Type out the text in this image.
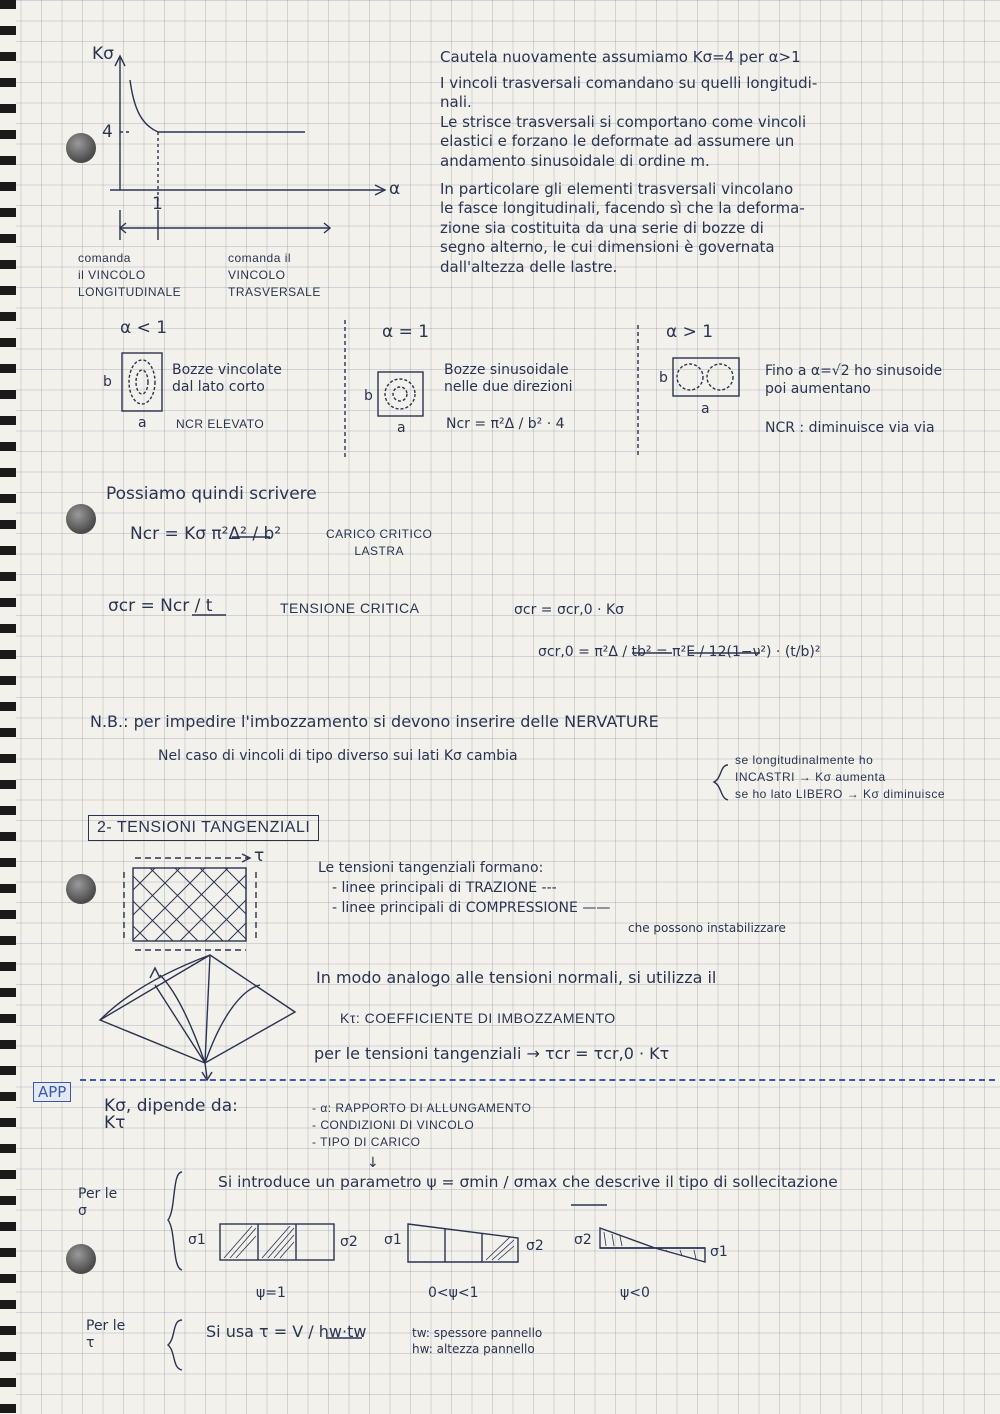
Kσ
4
1
α
comanda
il VINCOLO
LONGITUDINALE
comanda il
VINCOLO
TRASVERSALE
Cautela nuovamente assumiamo Kσ=4 per α>1
I vincoli trasversali comandano su quelli longitudi-
nali.
Le strisce trasversali si comportano come vincoli
elastici e forzano le deformate ad assumere un
andamento sinusoidale di ordine m.
In particolare gli elementi trasversali vincolano
le fasce longitudinali, facendo sì che la deforma-
zione sia costituita da una serie di bozze di
segno alterno, le cui dimensioni è governata
dall'altezza delle lastre.
α < 1
b
a
Bozze vincolate
dal lato corto
NCR ELEVATO
α = 1
b
a
Bozze sinusoidale
nelle due direzioni
Ncr = π²Δ / b² · 4
α > 1
b
a
Fino a α=√2 ho sinusoide
poi aumentano
NCR : diminuisce via via
Possiamo quindi scrivere
Ncr = Kσ π²Δ² / b²	CARICO CRITICO
LASTRA
σcr = Ncr / t	TENSIONE CRITICA	σcr = σcr,0 · Kσ
σcr,0 = π²Δ / tb² = π²E / 12(1−ν²) · (t/b)²
N.B.: per impedire l'imbozzamento si devono inserire delle NERVATURE
Nel caso di vincoli di tipo diverso sui lati Kσ cambia	se longitudinalmente ho
INCASTRI → Kσ aumenta
se ho lato LIBERO → Kσ diminuisce
2- TENSIONI TANGENZIALI
τ
Le tensioni tangenziali formano:
- linee principali di TRAZIONE ---
- linee principali di COMPRESSIONE ——
che possono instabilizzare
In modo analogo alle tensioni normali, si utilizza il
Kτ: COEFFICIENTE DI IMBOZZAMENTO
per le tensioni tangenziali → τcr = τcr,0 · Kτ
APP
Kσ, dipende da:
Kτ
- α: RAPPORTO DI ALLUNGAMENTO
- CONDIZIONI DI VINCOLO
- TIPO DI CARICO
↓
Si introduce un parametro ψ = σmin / σmax che descrive il tipo di sollecitazione
Per le
σ
σ1	σ2 σ1	σ2 σ2
σ1
ψ=1	0<ψ<1	ψ<0
Per le
τ
Si usa τ = V / hw·tw	tw: spessore pannello
hw: altezza pannello
